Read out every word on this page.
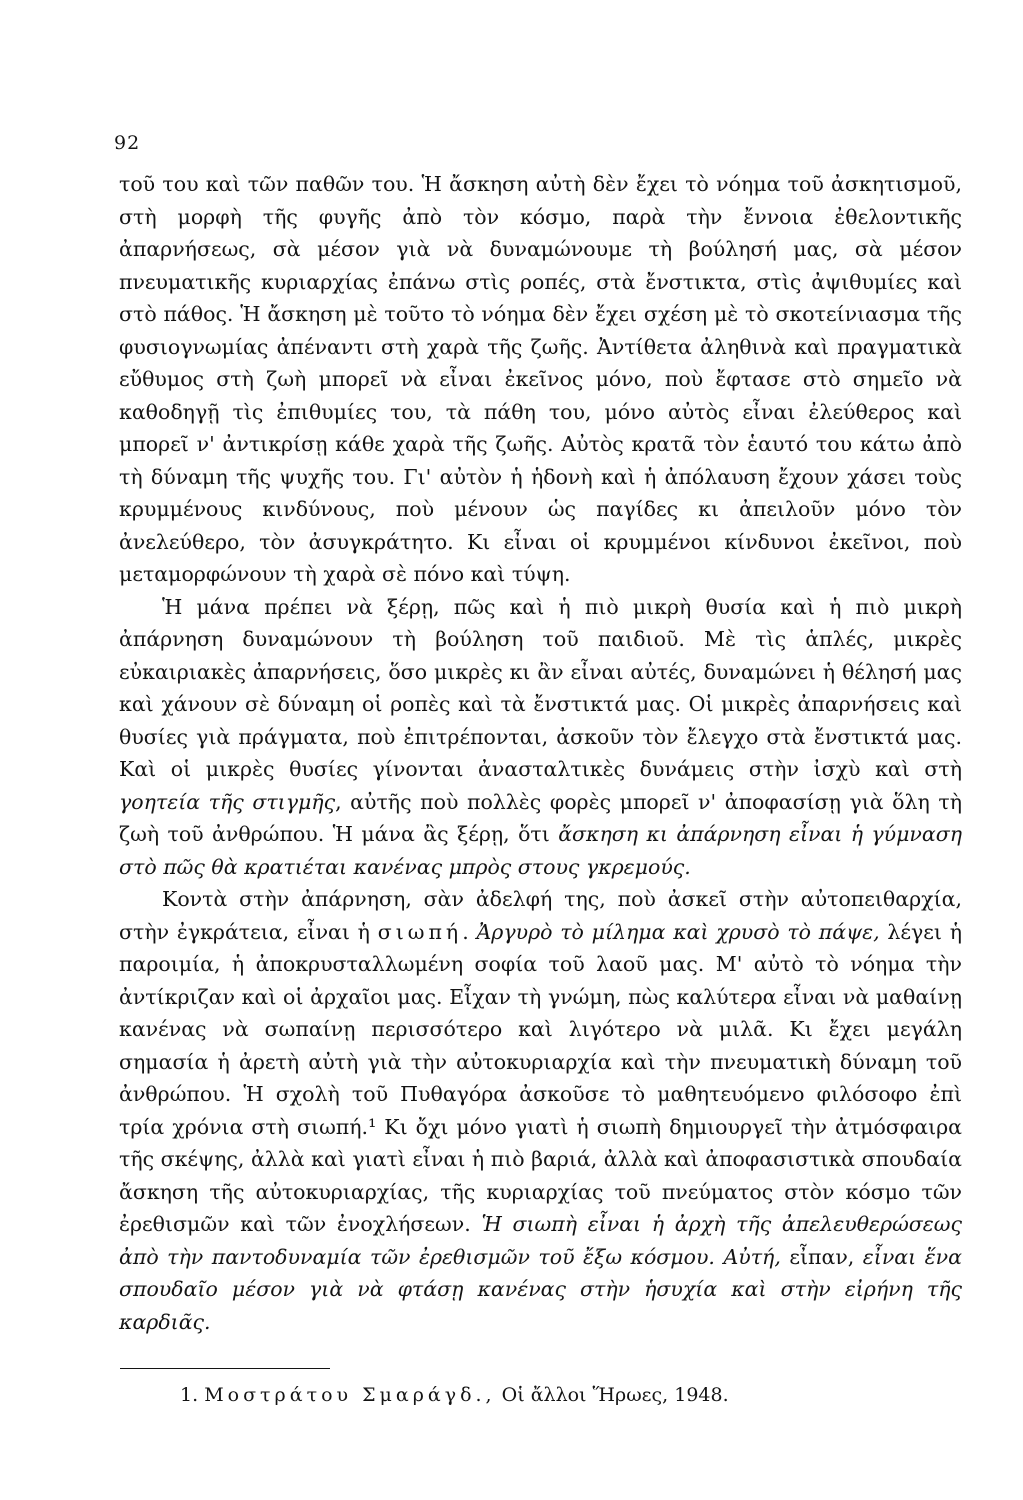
92

τοῦ του καὶ τῶν παθῶν του. Ἡ ἄσκηση αὐτὴ δὲν ἔχει τὸ νόημα τοῦ ἀσκητισμοῦ, στὴ μορφὴ τῆς φυγῆς ἀπὸ τὸν κόσμο, παρὰ τὴν ἔννοια ἐθελοντικῆς ἀπαρνήσεως, σὰ μέσον γιὰ νὰ δυναμώνουμε τὴ βούλησή μας, σὰ μέσον πνευματικῆς κυριαρχίας ἐπάνω στὶς ροπές, στὰ ἔνστικτα, στὶς ἀψιθυμίες καὶ στὸ πάθος. Ἡ ἄσκηση μὲ τοῦτο τὸ νόημα δὲν ἔχει σχέση μὲ τὸ σκοτείνιασμα τῆς φυσιογνωμίας ἀπέναντι στὴ χαρὰ τῆς ζωῆς. Ἀντίθετα ἀληθινὰ καὶ πραγματικὰ εὔθυμος στὴ ζωὴ μπορεῖ νὰ εἶναι ἐκεῖνος μόνο, ποὺ ἔφτασε στὸ σημεῖο νὰ καθοδηγῇ τὶς ἐπιθυμίες του, τὰ πάθη του, μόνο αὐτὸς εἶναι ἐλεύθερος καὶ μπορεῖ ν' ἀντικρίσῃ κάθε χαρὰ τῆς ζωῆς. Αὐτὸς κρατᾶ τὸν ἑαυτό του κάτω ἀπὸ τὴ δύναμη τῆς ψυχῆς του. Γι' αὐτὸν ἡ ἡδονὴ καὶ ἡ ἀπόλαυση ἔχουν χάσει τοὺς κρυμμένους κινδύνους, ποὺ μένουν ὡς παγίδες κι ἀπειλοῦν μόνο τὸν ἀνελεύθερο, τὸν ἀσυγκράτητο. Κι εἶναι οἱ κρυμμένοι κίνδυνοι ἐκεῖνοι, ποὺ μεταμορφώνουν τὴ χαρὰ σὲ πόνο καὶ τύψη.

Ἡ μάνα πρέπει νὰ ξέρῃ, πῶς καὶ ἡ πιὸ μικρὴ θυσία καὶ ἡ πιὸ μικρὴ ἀπάρνηση δυναμώνουν τὴ βούληση τοῦ παιδιοῦ. Μὲ τὶς ἁπλές, μικρὲς εὐκαιριακὲς ἀπαρνήσεις, ὅσο μικρὲς κι ἂν εἶναι αὐτές, δυναμώνει ἡ θέλησή μας καὶ χάνουν σὲ δύναμη οἱ ροπὲς καὶ τὰ ἔνστικτά μας. Οἱ μικρὲς ἀπαρνήσεις καὶ θυσίες γιὰ πράγματα, ποὺ ἐπιτρέπονται, ἀσκοῦν τὸν ἔλεγχο στὰ ἔνστικτά μας. Καὶ οἱ μικρὲς θυσίες γίνονται ἀνασταλτικὲς δυνάμεις στὴν ἰσχὺ καὶ στὴ γοητεία τῆς στιγμῆς, αὐτῆς ποὺ πολλὲς φορὲς μπορεῖ ν' ἀποφασίσῃ γιὰ ὅλη τὴ ζωὴ τοῦ ἀνθρώπου. Ἡ μάνα ἂς ξέρῃ, ὅτι ἄσκηση κι ἀπάρνηση εἶναι ἡ γύμναση στὸ πῶς θὰ κρατιέται κανένας μπρὸς στους γκρεμούς.

Κοντὰ στὴν ἀπάρνηση, σὰν ἀδελφή της, ποὺ ἀσκεῖ στὴν αὐτοπειθαρχία, στὴν ἐγκράτεια, εἶναι ἡ σιωπή. Ἀργυρὸ τὸ μίλημα καὶ χρυσὸ τὸ πάψε, λέγει ἡ παροιμία, ἡ ἀποκρυσταλλωμένη σοφία τοῦ λαοῦ μας. Μ' αὐτὸ τὸ νόημα τὴν ἀντίκριζαν καὶ οἱ ἀρχαῖοι μας. Εἶχαν τὴ γνώμη, πὼς καλύτερα εἶναι νὰ μαθαίνῃ κανένας νὰ σωπαίνῃ περισσότερο καὶ λιγότερο νὰ μιλᾶ. Κι ἔχει μεγάλη σημασία ἡ ἀρετὴ αὐτὴ γιὰ τὴν αὐτοκυριαρχία καὶ τὴν πνευματικὴ δύναμη τοῦ ἀνθρώπου. Ἡ σχολὴ τοῦ Πυθαγόρα ἀσκοῦσε τὸ μαθητευόμενο φιλόσοφο ἐπὶ τρία χρόνια στὴ σιωπή.¹ Κι ὄχι μόνο γιατὶ ἡ σιωπὴ δημιουργεῖ τὴν ἀτμόσφαιρα τῆς σκέψης, ἀλλὰ καὶ γιατὶ εἶναι ἡ πιὸ βαριά, ἀλλὰ καὶ ἀποφασιστικὰ σπουδαία ἄσκηση τῆς αὐτοκυριαρχίας, τῆς κυριαρχίας τοῦ πνεύματος στὸν κόσμο τῶν ἐρεθισμῶν καὶ τῶν ἐνοχλήσεων. Ἡ σιωπὴ εἶναι ἡ ἀρχὴ τῆς ἀπελευθερώσεως ἀπὸ τὴν παντοδυναμία τῶν ἐρεθισμῶν τοῦ ἔξω κόσμου. Αὐτή, εἶπαν, εἶναι ἕνα σπουδαῖο μέσον γιὰ νὰ φτάσῃ κανένας στὴν ἡσυχία καὶ στὴν εἰρήνη τῆς καρδιᾶς.

1. Μοστράτου Σμαράγδ., Οἱ ἄλλοι Ἥρωες, 1948.
